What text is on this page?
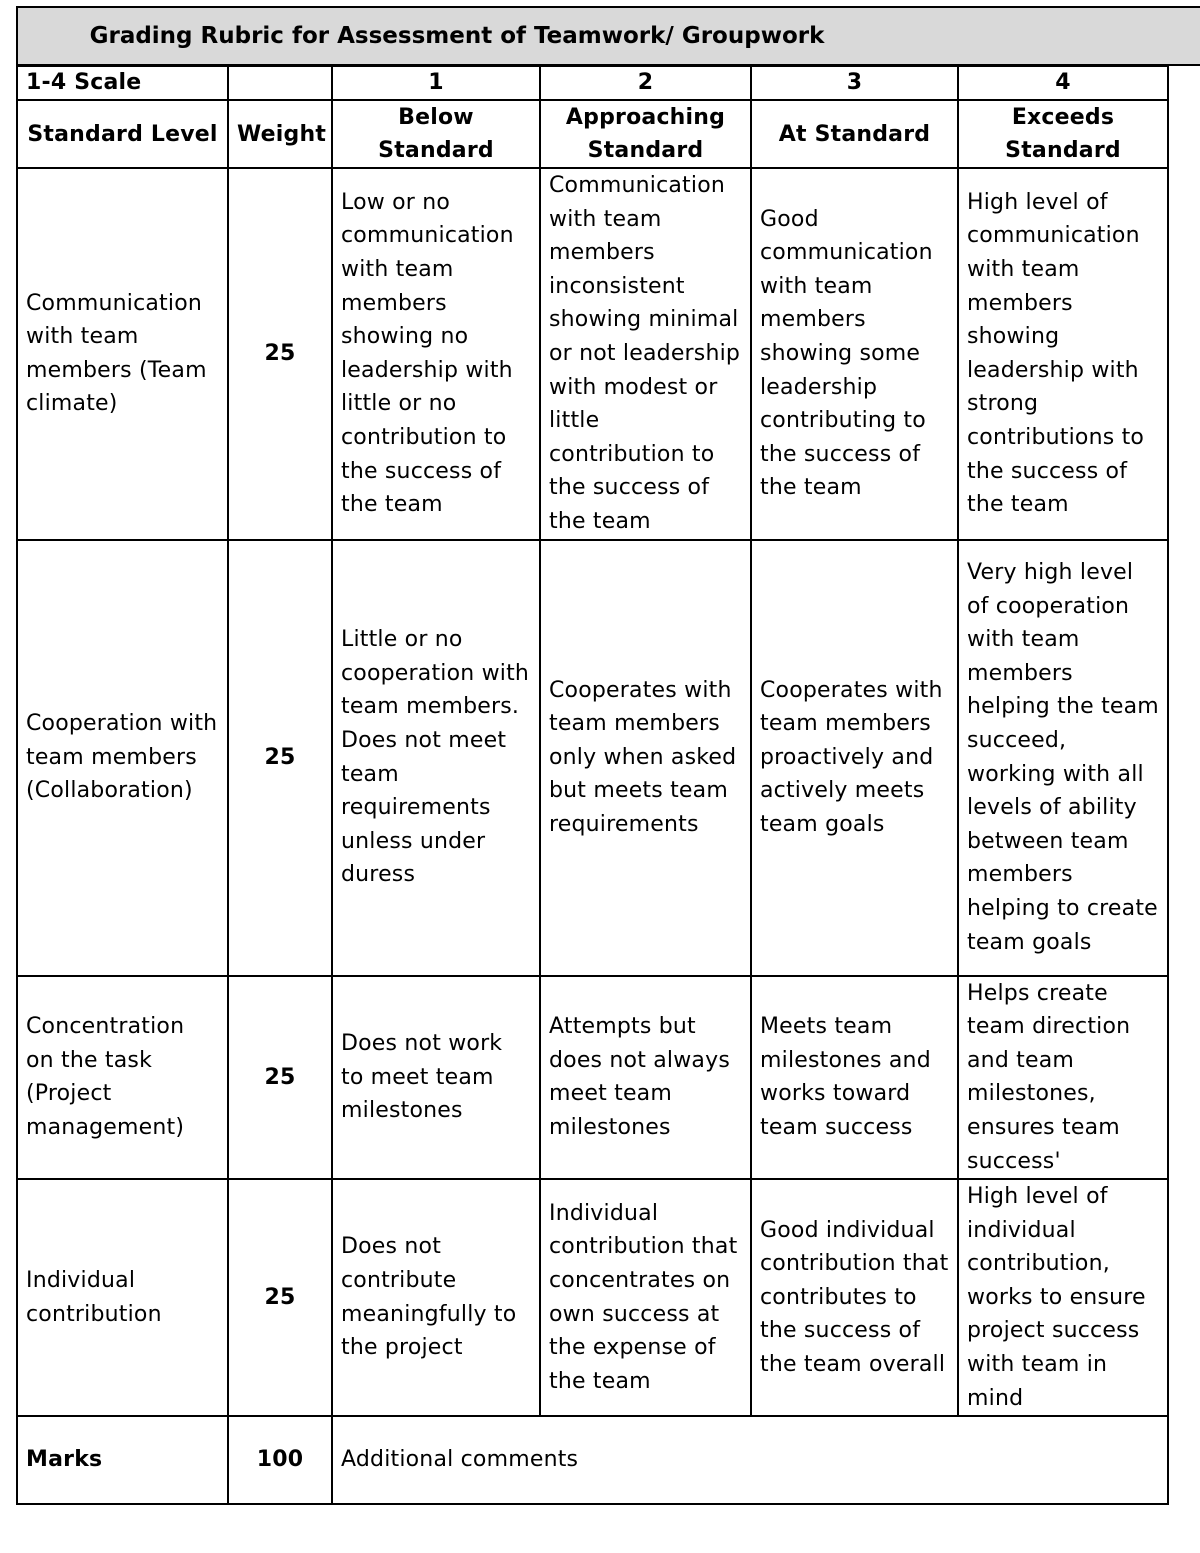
Grading Rubric for Assessment of Teamwork/ Groupwork
1-4 Scale		1	2	3	4
Standard Level	Weight	Below Standard	Approaching Standard	At Standard	Exceeds Standard
Communication with team members (Team climate)	25	Low or no communication with team members showing no leadership with little or no contribution to the success of the team	Communication with team members inconsistent showing minimal or not leadership with modest or little contribution to the success of the team	Good communication with team members showing some leadership contributing to the success of the team	High level of communication with team members showing leadership with strong contributions to the success of the team
Cooperation with team members (Collaboration)	25	Little or no cooperation with team members. Does not meet team requirements unless under duress	Cooperates with team members only when asked but meets team requirements	Cooperates with team members proactively and actively meets team goals	Very high level of cooperation with team members helping the team succeed, working with all levels of ability between team members helping to create team goals
Concentration on the task (Project management)	25	Does not work to meet team milestones	Attempts but does not always meet team milestones	Meets team milestones and works toward team success	Helps create team direction and team milestones, ensures team success'
Individual contribution	25	Does not contribute meaningfully to the project	Individual contribution that concentrates on own success at the expense of the team	Good individual contribution that contributes to the success of the team overall	High level of individual contribution, works to ensure project success with team in mind
Marks	100	Additional comments			
